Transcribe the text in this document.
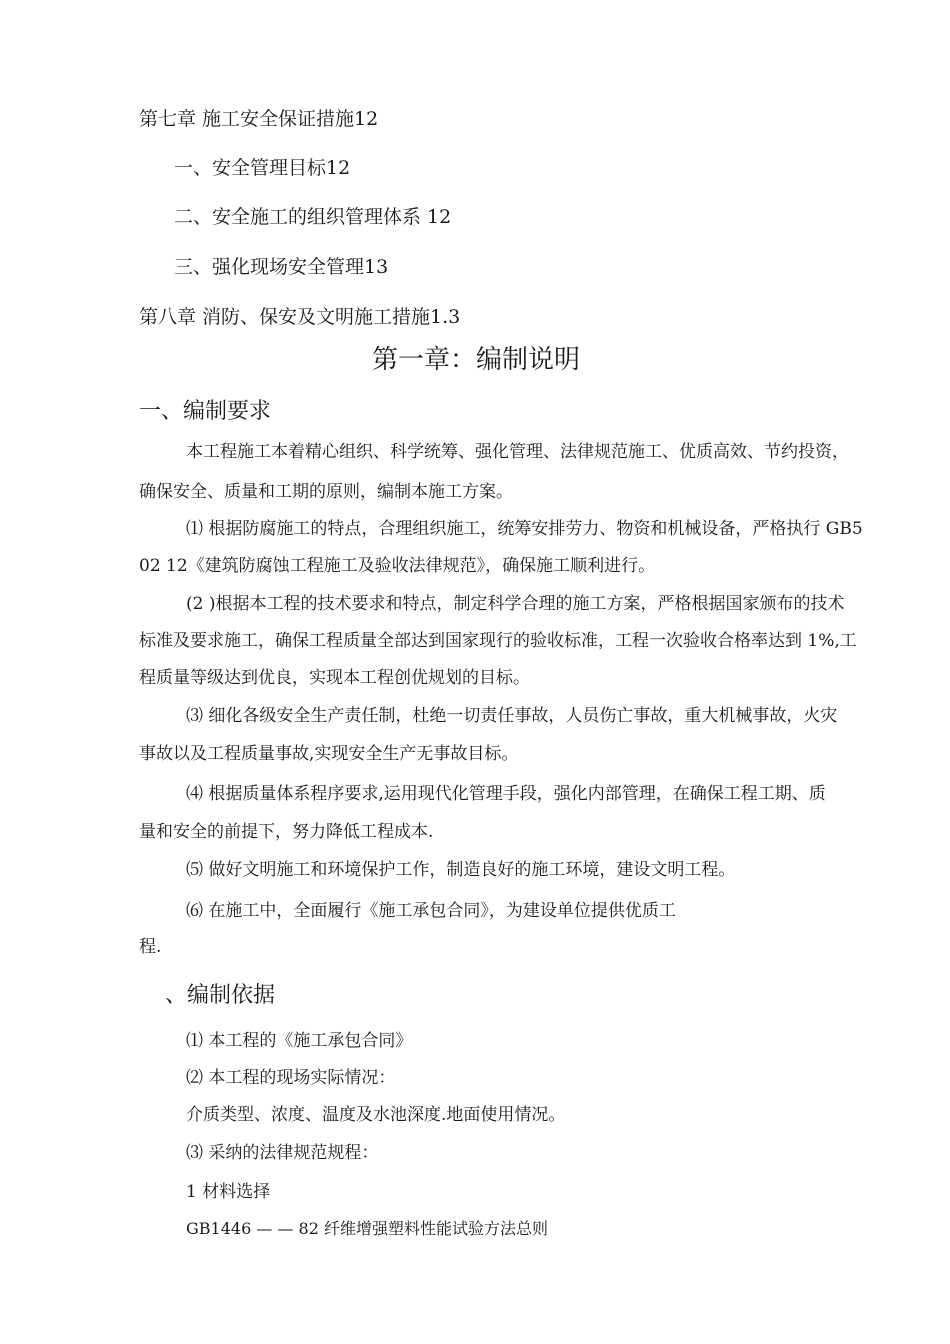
第七章 施工安全保证措施12
一、安全管理目标12
二、安全施工的组织管理体系 12
三、强化现场安全管理13
第八章 消防、保安及文明施工措施1.3
第一章：编制说明
一、编制要求
本工程施工本着精心组织、科学统筹、强化管理、法律规范施工、优质高效、节约投资，
确保安全、质量和工期的原则，编制本施工方案。
⑴ 根据防腐施工的特点，合理组织施工，统筹安排劳力、物资和机械设备，严格执行 GB5
02 12《建筑防腐蚀工程施工及验收法律规范》，确保施工顺利进行。
(2 )根据本工程的技术要求和特点，制定科学合理的施工方案，严格根据国家颁布的技术
标准及要求施工，确保工程质量全部达到国家现行的验收标准，工程一次验收合格率达到 1%,工
程质量等级达到优良，实现本工程创优规划的目标。
⑶ 细化各级安全生产责任制，杜绝一切责任事故，人员伤亡事故，重大机械事故，火灾
事故以及工程质量事故,实现安全生产无事故目标。
⑷ 根据质量体系程序要求,运用现代化管理手段，强化内部管理，在确保工程工期、质
量和安全的前提下，努力降低工程成本.
⑸ 做好文明施工和环境保护工作，制造良好的施工环境，建设文明工程。
⑹ 在施工中，全面履行《施工承包合同》，为建设单位提供优质工
程.
、编制依据
⑴ 本工程的《施工承包合同》
⑵ 本工程的现场实际情况：
介质类型、浓度、温度及水池深度.地面使用情况。
⑶ 采纳的法律规范规程：
1 材料选择
GB1446 — — 82 纤维增强塑料性能试验方法总则
